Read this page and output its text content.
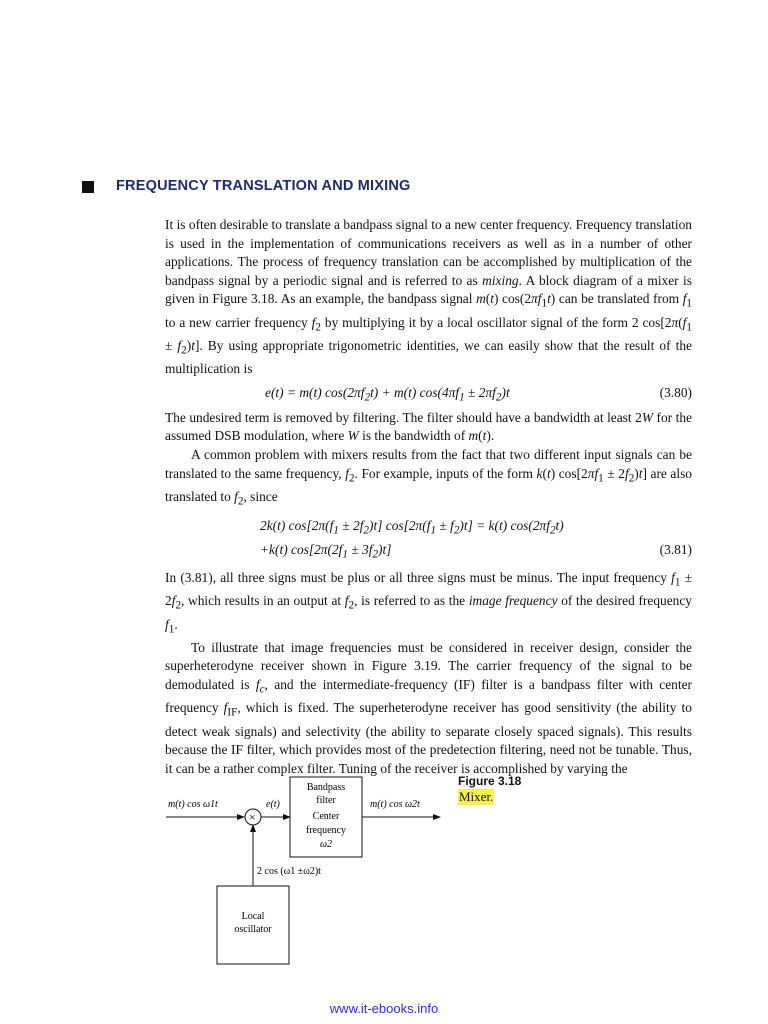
FREQUENCY TRANSLATION AND MIXING

It is often desirable to translate a bandpass signal to a new center frequency. Frequency translation is used in the implementation of communications receivers as well as in a number of other applications. The process of frequency translation can be accomplished by multiplication of the bandpass signal by a periodic signal and is referred to as mixing. A block diagram of a mixer is given in Figure 3.18. As an example, the bandpass signal m(t) $\cos(2\pi f_1t)$ can be translated from $f_1$ to a new carrier frequency $f_2$ by multiplying it by a local oscillator signal of the form 2 $\cos[2\pi(f_1 \pm f_2)t]$. By using appropriate trigonometric identities, we can easily show that the result of the multiplication is

e(t) = m(t) $\cos(2\pi f_2t) + m(t) \cos(4\pi f_1 \pm 2\pi f_2)t$	(3.80)

The undesired term is removed by filtering. The filter should have a bandwidth at least 2W for the assumed DSB modulation, where W is the bandwidth of m(t).

A common problem with mixers results from the fact that two different input signals can be translated to the same frequency, $f_2$. For example, inputs of the form k(t) $\cos[2\pi f_1 \pm 2f_2)t$] are also translated to $f_2$, since

2k(t) $\cos[2\pi(f_1 \pm 2f_2)t] \cos[2\pi(f_1 \pm f_2)t] = k(t)$ $\cos(2\pi f_2t)$
+k(t) $\cos[2\pi(2f_1 \pm 3f_2)t]$	(3.81)

In (3.81), all three signs must be plus or all three signs must be minus. The input frequency $f_1 \pm 2f_2$, which results in an output at $f_2$, is referred to as the image frequency of the desired frequency $f_1$.

To illustrate that image frequencies must be considered in receiver design, consider the superheterodyne receiver shown in Figure 3.19. The carrier frequency of the signal to be demodulated is $f_c$, and the intermediate-frequency (IF) filter is a bandpass filter with center frequency $f_{IF}$, which is fixed. The superheterodyne receiver has good sensitivity (the ability to detect weak signals) and selectivity (the ability to separate closely spaced signals). This results because the IF filter, which provides most of the predetection filtering, need not be tunable. Thus, it can be a rather complex filter. Tuning of the receiver is accomplished by varying the

m(t) cos ω1t
×
e(t)
Bandpass
filter
Center
frequency
ω2
m(t) cos ω2t
2 cos (ω1 ±ω2)t
Local
oscillator
Figure 3.18
Mixer.
www.it-ebooks.info
